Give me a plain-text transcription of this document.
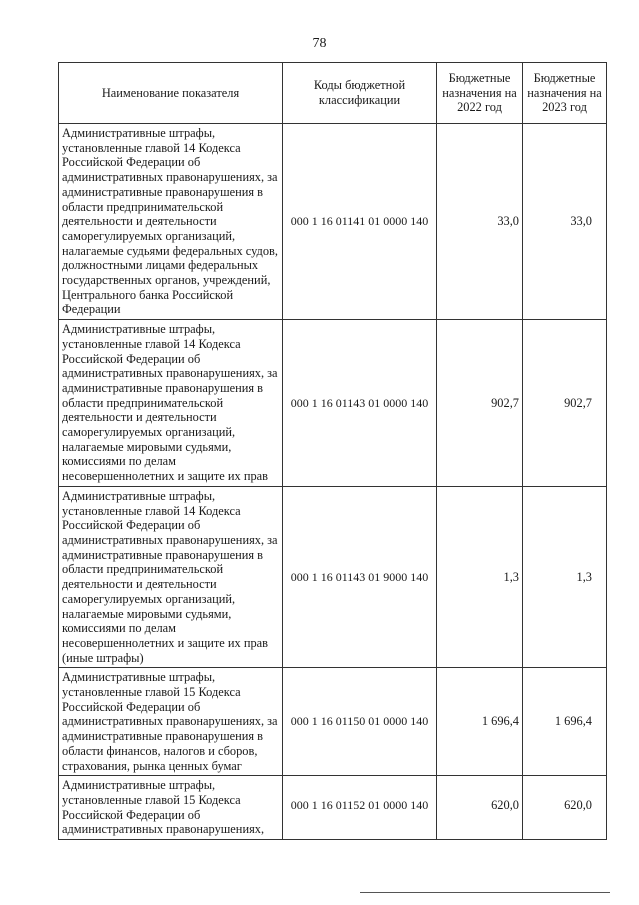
78
Наименование показателя	Коды бюджетной классификации	Бюджетные назначения на 2022 год	Бюджетные назначения на 2023 год
Административные штрафы, установленные главой 14 Кодекса Российской Федерации об административных правонарушениях, за административные правонарушения в области предпринимательской деятельности и деятельности саморегулируемых организаций, налагаемые судьями федеральных судов, должностными лицами федеральных государственных органов, учреждений, Центрального банка Российской Федерации	000 1 16 01141 01 0000 140	33,0	33,0
Административные штрафы, установленные главой 14 Кодекса Российской Федерации об административных правонарушениях, за административные правонарушения в области предпринимательской деятельности и деятельности саморегулируемых организаций, налагаемые мировыми судьями, комиссиями по делам несовершеннолетних и защите их прав	000 1 16 01143 01 0000 140	902,7	902,7
Административные штрафы, установленные главой 14 Кодекса Российской Федерации об административных правонарушениях, за административные правонарушения в области предпринимательской деятельности и деятельности саморегулируемых организаций, налагаемые мировыми судьями, комиссиями по делам несовершеннолетних и защите их прав (иные штрафы)	000 1 16 01143 01 9000 140	1,3	1,3
Административные штрафы, установленные главой 15 Кодекса Российской Федерации об административных правонарушениях, за административные правонарушения в области финансов, налогов и сборов, страхования, рынка ценных бумаг	000 1 16 01150 01 0000 140	1 696,4	1 696,4
Административные штрафы, установленные главой 15 Кодекса Российской Федерации об административных правонарушениях,	000 1 16 01152 01 0000 140	620,0	620,0
